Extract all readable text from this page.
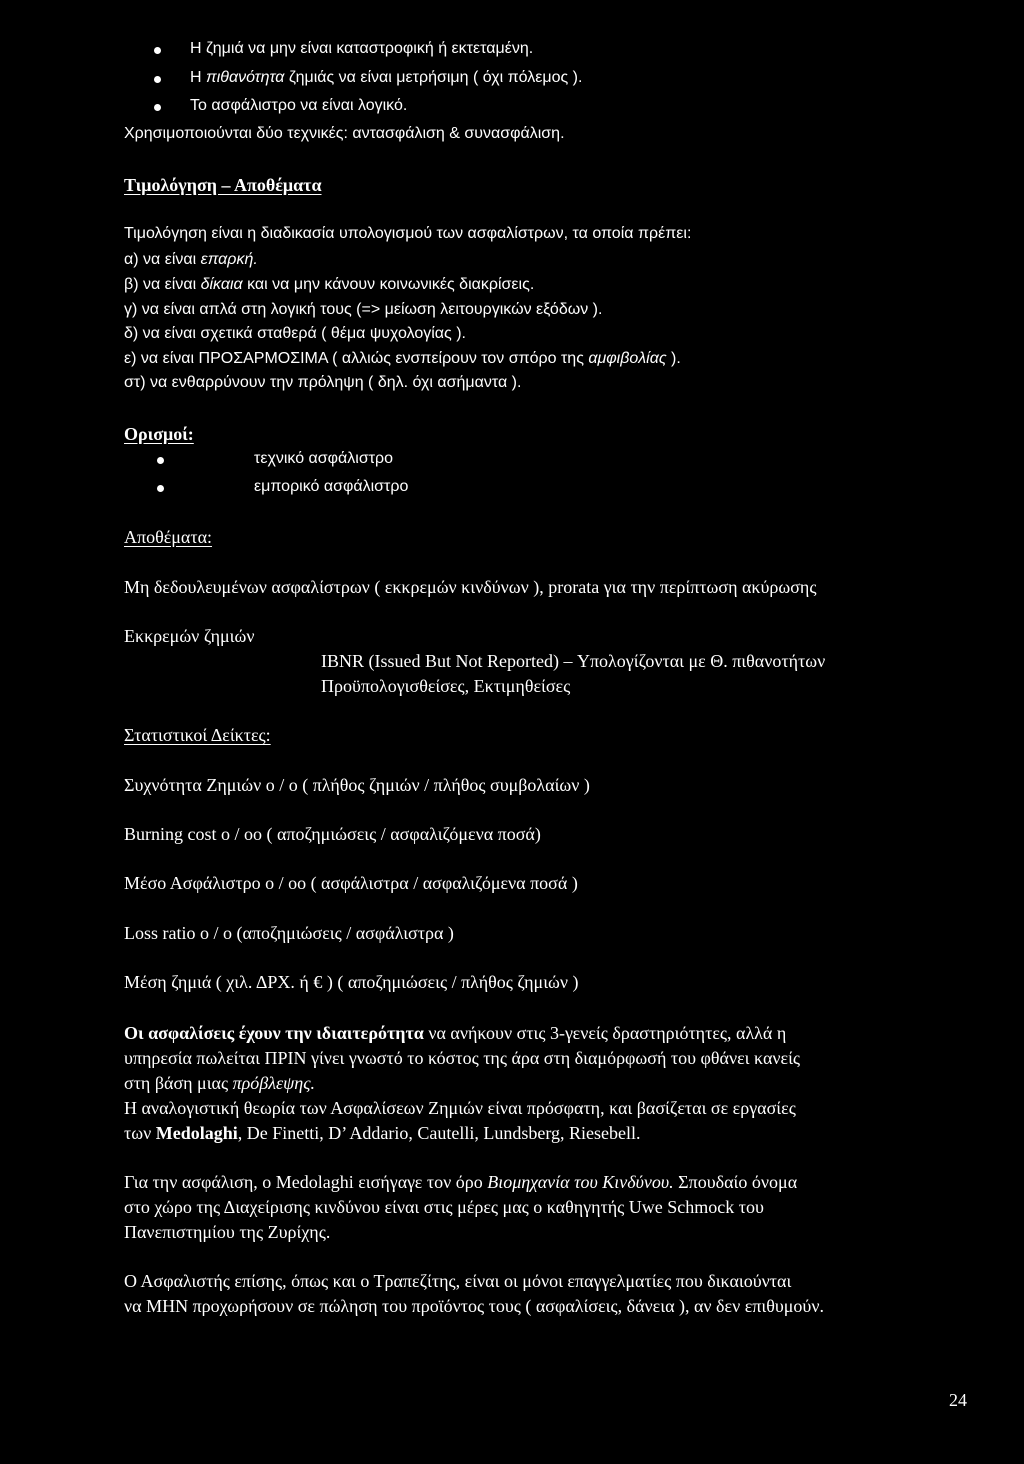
Η ζημιά να μην είναι καταστροφική ή εκτεταμένη.
Η πιθανότητα ζημιάς να είναι μετρήσιμη ( όχι πόλεμος ).
Το ασφάλιστρο να είναι λογικό.
Χρησιμοποιούνται δύο τεχνικές: αντασφάλιση & συνασφάλιση.
Τιμολόγηση – Αποθέματα
Τιμολόγηση είναι η διαδικασία υπολογισμού των ασφαλίστρων, τα οποία πρέπει:
α) να είναι επαρκή.
β) να είναι δίκαια και να μην κάνουν κοινωνικές διακρίσεις.
γ) να είναι απλά στη λογική τους (=> μείωση λειτουργικών εξόδων ).
δ) να είναι σχετικά σταθερά ( θέμα ψυχολογίας ).
ε) να είναι ΠΡΟΣΑΡΜΟΣΙΜΑ ( αλλιώς ενσπείρουν τον σπόρο της αμφιβολίας ).
στ) να ενθαρρύνουν την πρόληψη ( δηλ. όχι ασήμαντα ).
Ορισμοί:
τεχνικό ασφάλιστρο
εμπορικό ασφάλιστρο
Αποθέματα:
Μη δεδουλευμένων ασφαλίστρων ( εκκρεμών κινδύνων ), prorata για την περίπτωση ακύρωσης
Εκκρεμών ζημιών
IBNR (Issued But Not Reported) – Υπολογίζονται με Θ. πιθανοτήτων
Προϋπολογισθείσες, Εκτιμηθείσες
Στατιστικοί Δείκτες:
Συχνότητα Ζημιών ο / ο ( πλήθος ζημιών / πλήθος συμβολαίων )
Burning cost ο / οο ( αποζημιώσεις / ασφαλιζόμενα ποσά)
Μέσο Ασφάλιστρο ο / οο ( ασφάλιστρα / ασφαλιζόμενα ποσά )
Loss ratio ο / ο (αποζημιώσεις / ασφάλιστρα )
Μέση ζημιά ( χιλ. ΔΡΧ. ή € ) ( αποζημιώσεις / πλήθος ζημιών )
Οι ασφαλίσεις έχουν την ιδιαιτερότητα να ανήκουν στις 3-γενείς δραστηριότητες, αλλά η
υπηρεσία πωλείται ΠΡΙΝ γίνει γνωστό το κόστος της άρα στη διαμόρφωσή του φθάνει κανείς
στη βάση μιας πρόβλεψης.
Η αναλογιστική θεωρία των Ασφαλίσεων Ζημιών είναι πρόσφατη, και βασίζεται σε εργασίες
των Medolaghi, De Finetti, D’ Addario, Cautelli, Lundsberg, Riesebell.
Για την ασφάλιση, ο Medolaghi εισήγαγε τον όρο Βιομηχανία του Κινδύνου. Σπουδαίο όνομα
στο χώρο της Διαχείρισης κινδύνου είναι στις μέρες μας ο καθηγητής Uwe Schmock του
Πανεπιστημίου της Ζυρίχης.
Ο Ασφαλιστής επίσης, όπως και ο Τραπεζίτης, είναι οι μόνοι επαγγελματίες που δικαιούνται
να ΜΗΝ προχωρήσουν σε πώληση του προϊόντος τους ( ασφαλίσεις, δάνεια ), αν δεν επιθυμούν.
24
